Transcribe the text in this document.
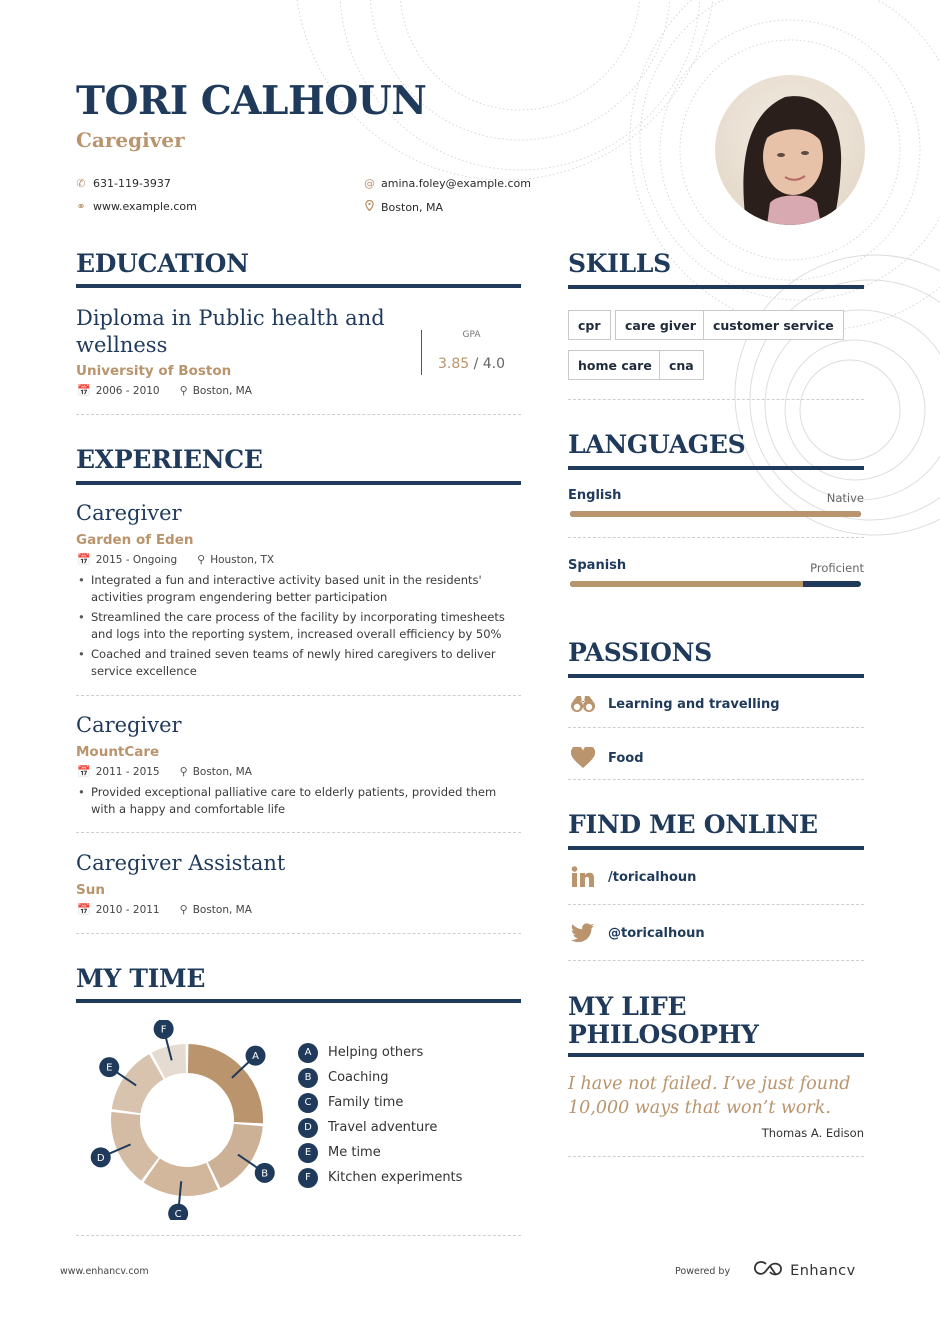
TORI CALHOUN
Caregiver
✆ 631-119-3937	@ amina.foley@example.com
⚭ www.example.com	Boston, MA
EDUCATION
Diploma in Public health and
wellness
University of Boston
📅 2006 - 2010 ⚲ Boston, MA
GPA
3.85 / 4.0
EXPERIENCE
Caregiver
Garden of Eden
📅 2015 - Ongoing ⚲ Houston, TX
• Integrated a fun and interactive activity based unit in the residents' activities program engendering better participation
• Streamlined the care process of the facility by incorporating timesheets and logs into the reporting system, increased overall efficiency by 50%
• Coached and trained seven teams of newly hired caregivers to deliver service excellence
Caregiver
MountCare
📅 2011 - 2015 ⚲ Boston, MA
• Provided exceptional palliative care to elderly patients, provided them with a happy and comfortable life
Caregiver Assistant
Sun
📅 2010 - 2011 ⚲ Boston, MA
MY TIME
A
B
C
D
E
F
A	Helping others
B	Coaching
C	Family time
D	Travel adventure
E	Me time
F	Kitchen experiments
SKILLS
cpr	care giver	customer service
home care	cna
LANGUAGES
English	Native
Spanish	Proficient
PASSIONS
Learning and travelling
Food
FIND ME ONLINE
/toricalhoun
@toricalhoun
MY LIFE
PHILOSOPHY
I have not failed. I’ve just found
10,000 ways that won’t work.
Thomas A. Edison
www.enhancv.com	Powered by	Enhancv
